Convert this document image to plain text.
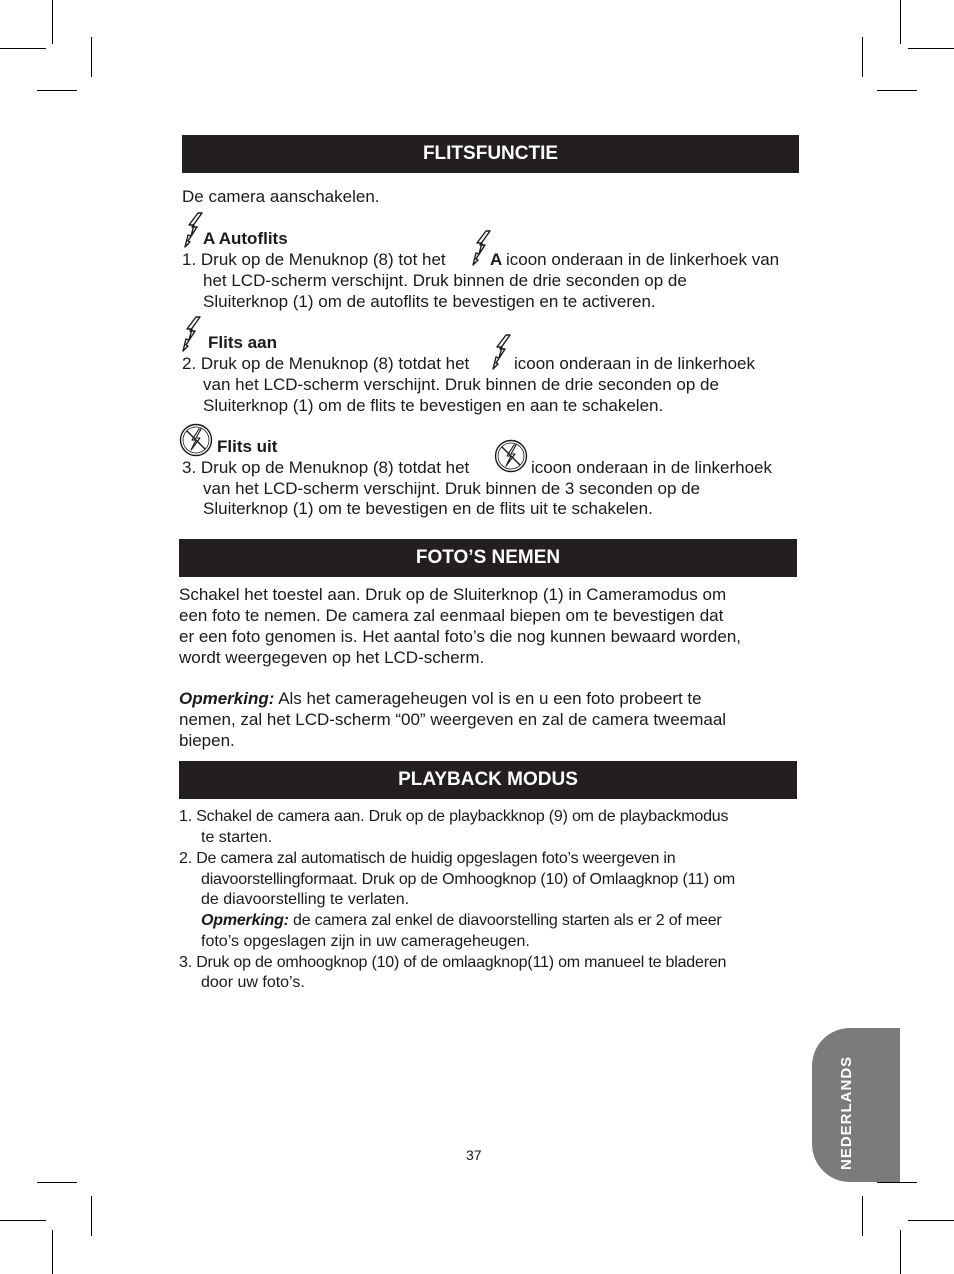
FLITSFUNCTIE
De camera aanschakelen.
A Autoflits
1. Druk op de Menuknop (8) tot het	A icoon onderaan in de linkerhoek van
het LCD-scherm verschijnt. Druk binnen de drie seconden op de
Sluiterknop (1) om de autoflits te bevestigen en te activeren.
Flits aan
2. Druk op de Menuknop (8) totdat het	icoon onderaan in de linkerhoek
van het LCD-scherm verschijnt. Druk binnen de drie seconden op de
Sluiterknop (1) om de flits te bevestigen en aan te schakelen.
Flits uit
3. Druk op de Menuknop (8) totdat het	icoon onderaan in de linkerhoek
van het LCD-scherm verschijnt. Druk binnen de 3 seconden op de
Sluiterknop (1) om te bevestigen en de flits uit te schakelen.
FOTO’S NEMEN
Schakel het toestel aan. Druk op de Sluiterknop (1) in Cameramodus om
een foto te nemen. De camera zal eenmaal biepen om te bevestigen dat
er een foto genomen is. Het aantal foto’s die nog kunnen bewaard worden,
wordt weergegeven op het LCD-scherm.
Opmerking: Als het camerageheugen vol is en u een foto probeert te
nemen, zal het LCD-scherm “00” weergeven en zal de camera tweemaal
biepen.
PLAYBACK MODUS
1. Schakel de camera aan. Druk op de playbackknop (9) om de playbackmodus
te starten.
2. De camera zal automatisch de huidig opgeslagen foto’s weergeven in
diavoorstellingformaat. Druk op de Omhoogknop (10) of Omlaagknop (11) om
de diavoorstelling te verlaten.
Opmerking: de camera zal enkel de diavoorstelling starten als er 2 of meer
foto’s opgeslagen zijn in uw camerageheugen.
3. Druk op de omhoogknop (10) of de omlaagknop(11) om manueel te bladeren
door uw foto’s.
NEDERLANDS
37
